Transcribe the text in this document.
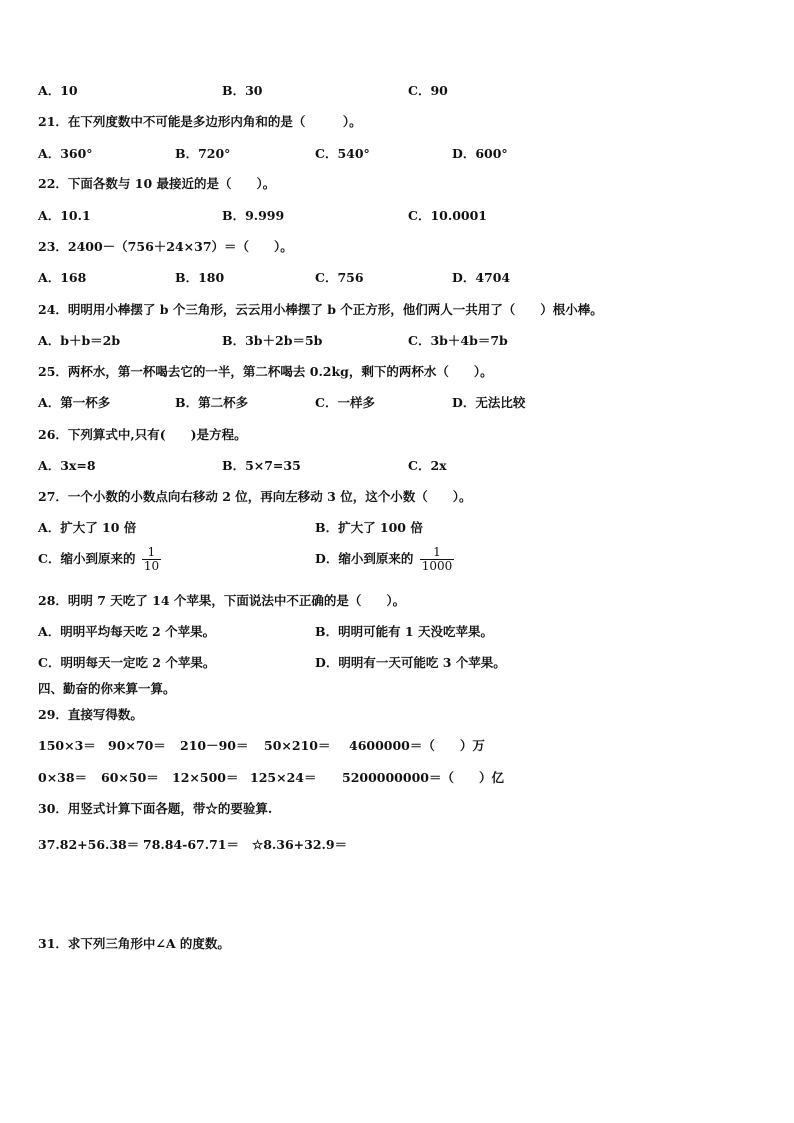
A．10	B．30	C．90
21．在下列度数中不可能是多边形内角和的是（　　　）。
A．360°	B．720°	C．540°	D．600°
22．下面各数与 10 最接近的是（　　）。
A．10.1	B．9.999	C．10.0001
23．2400－（756＋24×37）＝（　　）。
A．168	B．180	C．756	D．4704
24．明明用小棒摆了 b 个三角形，云云用小棒摆了 b 个正方形，他们两人一共用了（　　）根小棒。
A．b＋b＝2b	B．3b＋2b＝5b	C．3b＋4b＝7b
25．两杯水，第一杯喝去它的一半，第二杯喝去 0.2kg，剩下的两杯水（　　）。
A．第一杯多	B．第二杯多	C．一样多	D．无法比较
26．下列算式中,只有(　　)是方程。
A．3x=8	B．5×7=35	C．2x
27．一个小数的小数点向右移动 2 位，再向左移动 3 位，这个小数（　　）。
A．扩大了 10 倍	B．扩大了 100 倍
C．缩小到原来的 $\frac{1}{10}$	D．缩小到原来的 $\frac{1}{1000}$
28．明明 7 天吃了 14 个苹果，下面说法中不正确的是（　　）。
A．明明平均每天吃 2 个苹果。	B．明明可能有 1 天没吃苹果。
C．明明每天一定吃 2 个苹果。	D．明明有一天可能吃 3 个苹果。
四、勤奋的你来算一算。
29．直接写得数。
150×3＝ 90×70＝ 210－90＝ 50×210＝ 4600000＝（　　）万
0×38＝ 60×50＝ 12×500＝ 125×24＝ 5200000000＝（　　）亿
30．用竖式计算下面各题，带☆的要验算.
37.82+56.38＝ 78.84-67.71＝ ☆8.36+32.9＝
31．求下列三角形中∠A 的度数。
